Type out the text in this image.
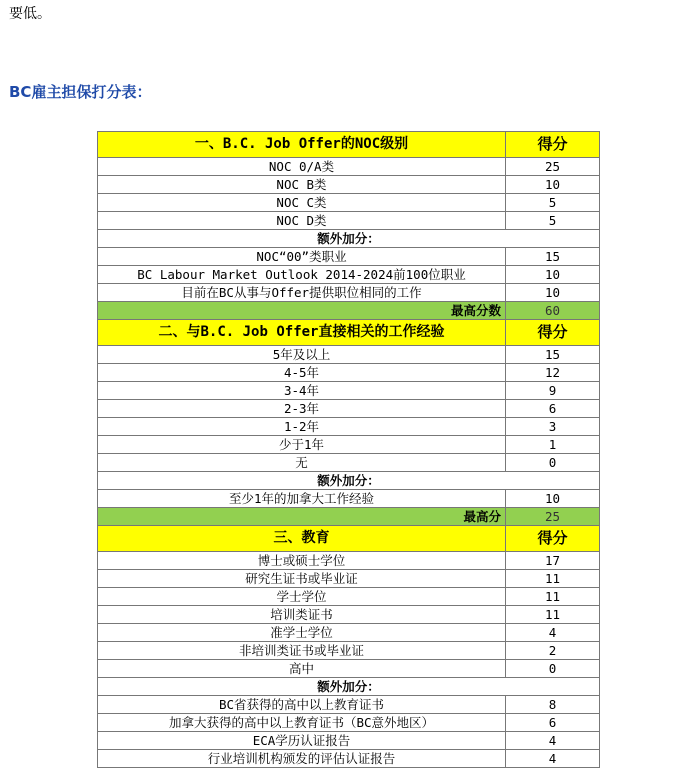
要低。
BC雇主担保打分表：
一、B.C. Job Offer的NOC级别	得分
NOC 0/A类	25
NOC B类	10
NOC C类	5
NOC D类	5
额外加分：	
NOC“00”类职业	15
BC Labour Market Outlook 2014-2024前100位职业	10
目前在BC从事与Offer提供职位相同的工作	10
最高分数	60
二、与B.C. Job Offer直接相关的工作经验	得分
5年及以上	15
4-5年	12
3-4年	9
2-3年	6
1-2年	3
少于1年	1
无	0
额外加分：	
至少1年的加拿大工作经验	10
最高分	25
三、教育	得分
博士或硕士学位	17
研究生证书或毕业证	11
学士学位	11
培训类证书	11
准学士学位	4
非培训类证书或毕业证	2
高中	0
额外加分：	
BC省获得的高中以上教育证书	8
加拿大获得的高中以上教育证书（BC意外地区）	6
ECA学历认证报告	4
行业培训机构颁发的评估认证报告	4
